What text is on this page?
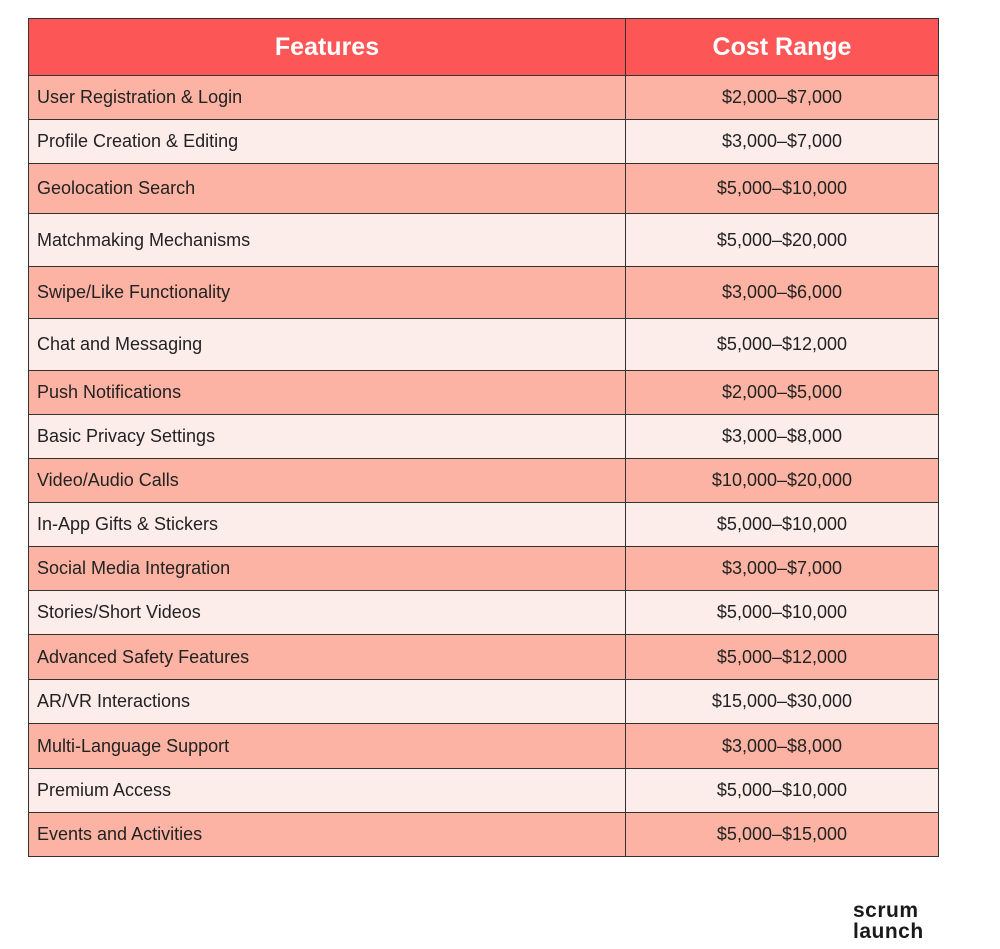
Features	Cost Range
User Registration & Login	$2,000–$7,000
Profile Creation & Editing	$3,000–$7,000
Geolocation Search	$5,000–$10,000
Matchmaking Mechanisms	$5,000–$20,000
Swipe/Like Functionality	$3,000–$6,000
Chat and Messaging	$5,000–$12,000
Push Notifications	$2,000–$5,000
Basic Privacy Settings	$3,000–$8,000
Video/Audio Calls	$10,000–$20,000
In-App Gifts & Stickers	$5,000–$10,000
Social Media Integration	$3,000–$7,000
Stories/Short Videos	$5,000–$10,000
Advanced Safety Features	$5,000–$12,000
AR/VR Interactions	$15,000–$30,000
Multi-Language Support	$3,000–$8,000
Premium Access	$5,000–$10,000
Events and Activities	$5,000–$15,000
scrum
launch
